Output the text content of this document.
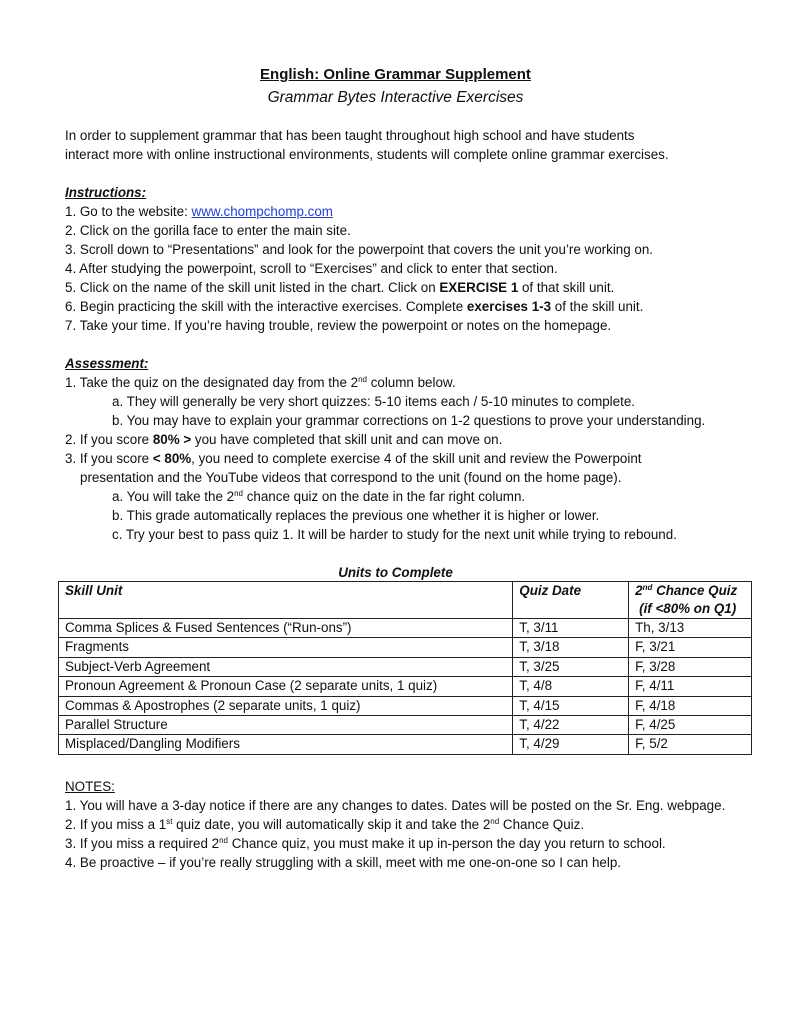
English: Online Grammar Supplement
Grammar Bytes Interactive Exercises
In order to supplement grammar that has been taught throughout high school and have students
interact more with online instructional environments, students will complete online grammar exercises.
Instructions:
1. Go to the website: www.chompchomp.com
2. Click on the gorilla face to enter the main site.
3. Scroll down to “Presentations” and look for the powerpoint that covers the unit you’re working on.
4. After studying the powerpoint, scroll to “Exercises” and click to enter that section.
5. Click on the name of the skill unit listed in the chart. Click on EXERCISE 1 of that skill unit.
6. Begin practicing the skill with the interactive exercises. Complete exercises 1-3 of the skill unit.
7. Take your time. If you’re having trouble, review the powerpoint or notes on the homepage.
Assessment:
1. Take the quiz on the designated day from the 2nd column below.
a. They will generally be very short quizzes: 5-10 items each / 5-10 minutes to complete.
b. You may have to explain your grammar corrections on 1-2 questions to prove your understanding.
2. If you score 80% > you have completed that skill unit and can move on.
3. If you score < 80%, you need to complete exercise 4 of the skill unit and review the Powerpoint
presentation and the YouTube videos that correspond to the unit (found on the home page).
a. You will take the 2nd chance quiz on the date in the far right column.
b. This grade automatically replaces the previous one whether it is higher or lower.
c. Try your best to pass quiz 1. It will be harder to study for the next unit while trying to rebound.
Units to Complete
Skill Unit	Quiz Date	2nd Chance Quiz
(if <80% on Q1)
Comma Splices & Fused Sentences (“Run-ons”)	T, 3/11	Th, 3/13
Fragments	T, 3/18	F, 3/21
Subject-Verb Agreement	T, 3/25	F, 3/28
Pronoun Agreement & Pronoun Case (2 separate units, 1 quiz)	T, 4/8	F, 4/11
Commas & Apostrophes (2 separate units, 1 quiz)	T, 4/15	F, 4/18
Parallel Structure	T, 4/22	F, 4/25
Misplaced/Dangling Modifiers	T, 4/29	F, 5/2
NOTES:
1. You will have a 3-day notice if there are any changes to dates. Dates will be posted on the Sr. Eng. webpage.
2. If you miss a 1st quiz date, you will automatically skip it and take the 2nd Chance Quiz.
3. If you miss a required 2nd Chance quiz, you must make it up in-person the day you return to school.
4. Be proactive – if you’re really struggling with a skill, meet with me one-on-one so I can help.
